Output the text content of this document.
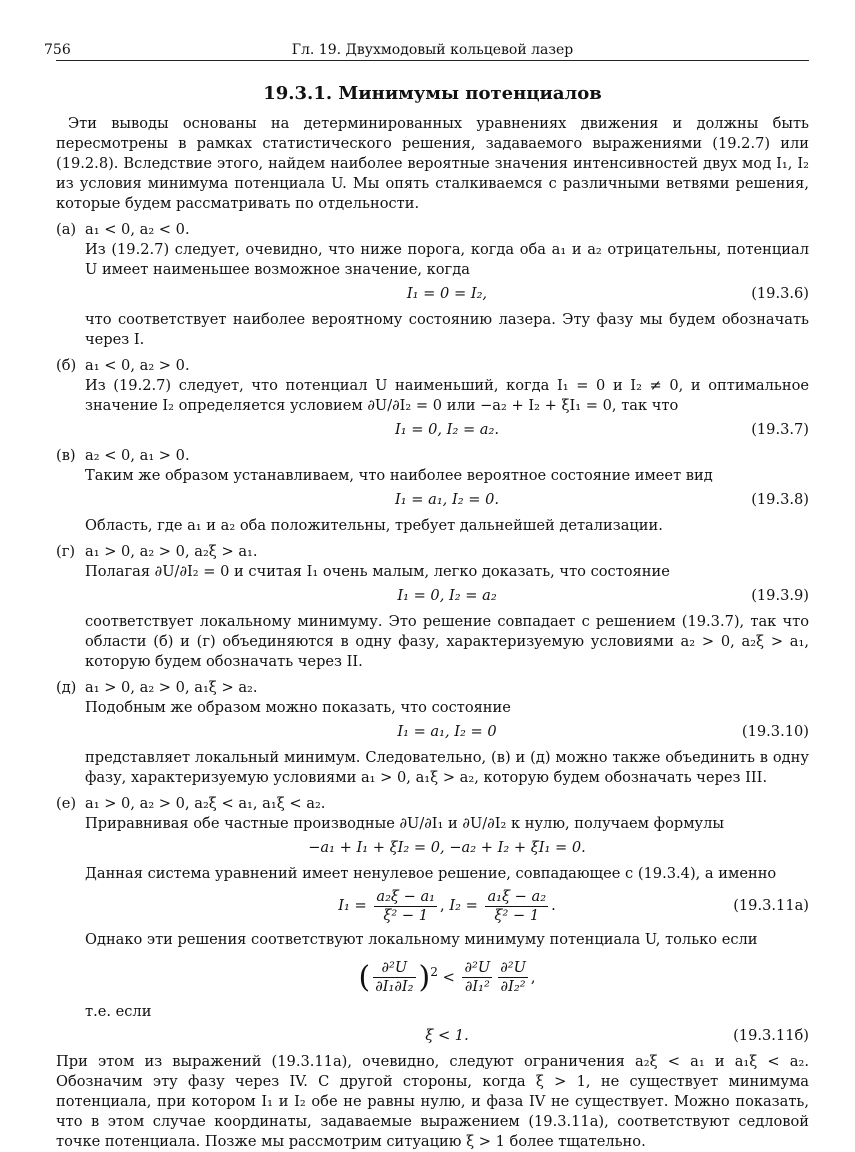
756	Гл. 19. Двухмодовый кольцевой лазер
19.3.1. Минимумы потенциалов

Эти выводы основаны на детерминированных уравнениях движения и должны быть пересмотрены в рамках статистического решения, задаваемого выражениями (19.2.7) или (19.2.8). Вследствие этого, найдем наиболее вероятные значения интенсивностей двух мод I₁, I₂ из условия минимума потенциала U. Мы опять сталкиваемся с различными ветвями решения, которые будем рассматривать по отдельности.

(а) a₁ < 0, a₂ < 0.

Из (19.2.7) следует, очевидно, что ниже порога, когда оба a₁ и a₂ отрицательны, потенциал U имеет наименьшее возможное значение, когда

I₁ = 0 = I₂,	(19.3.6)

что соответствует наиболее вероятному состоянию лазера. Эту фазу мы будем обозначать через I.

(б) a₁ < 0, a₂ > 0.

Из (19.2.7) следует, что потенциал U наименьший, когда I₁ = 0 и I₂ ≠ 0, и оптимальное значение I₂ определяется условием ∂U/∂I₂ = 0 или −a₂ + I₂ + ξI₁ = 0, так что

I₁ = 0, I₂ = a₂.	(19.3.7)
(в) a₂ < 0, a₁ > 0.

Таким же образом устанавливаем, что наиболее вероятное состояние имеет вид

I₁ = a₁, I₂ = 0.	(19.3.8)

Область, где a₁ и a₂ оба положительны, требует дальнейшей детализации.

(г) a₁ > 0, a₂ > 0, a₂ξ > a₁.

Полагая ∂U/∂I₂ = 0 и считая I₁ очень малым, легко доказать, что состояние

I₁ = 0, I₂ = a₂	(19.3.9)

соответствует локальному минимуму. Это решение совпадает с решением (19.3.7), так что области (б) и (г) объединяются в одну фазу, характеризуемую условиями a₂ > 0, a₂ξ > a₁, которую будем обозначать через II.

(д) a₁ > 0, a₂ > 0, a₁ξ > a₂.

Подобным же образом можно показать, что состояние

I₁ = a₁, I₂ = 0	(19.3.10)

представляет локальный минимум. Следовательно, (в) и (д) можно также объединить в одну фазу, характеризуемую условиями a₁ > 0, a₁ξ > a₂, которую будем обозначать через III.

(е) a₁ > 0, a₂ > 0, a₂ξ < a₁, a₁ξ < a₂.

Приравнивая обе частные производные ∂U/∂I₁ и ∂U/∂I₂ к нулю, получаем формулы

−a₁ + I₁ + ξI₂ = 0, −a₂ + I₂ + ξI₁ = 0.

Данная система уравнений имеет ненулевое решение, совпадающее с (19.3.4), а именно

$I_1 = \frac{\text{a₂ξ − a₁}}{\text{ξ² − 1}}$ , $I_2 = \frac{\text{a₁ξ − a₂}}{\text{ξ² − 1}}$ .	(19.3.11а)

Однако эти решения соответствуют локальному минимуму потенциала U, только если

( $\frac{\text{∂²U}}{\text{∂I₁∂I₂}} )^2 < \frac{\text{∂²U}}{\text{∂I₁²}} \frac{\text{∂²U}}{\text{∂I₂²}}$ ,

т.е. если

ξ < 1.	(19.3.11б)

При этом из выражений (19.3.11а), очевидно, следуют ограничения a₂ξ < a₁ и a₁ξ < a₂. Обозначим эту фазу через IV. С другой стороны, когда ξ > 1, не существует минимума потенциала, при котором I₁ и I₂ обе не равны нулю, и фаза IV не существует. Можно показать, что в этом случае координаты, задаваемые выражением (19.3.11а), соответствуют седловой точке потенциала. Позже мы рассмотрим ситуацию ξ > 1 более тщательно.
